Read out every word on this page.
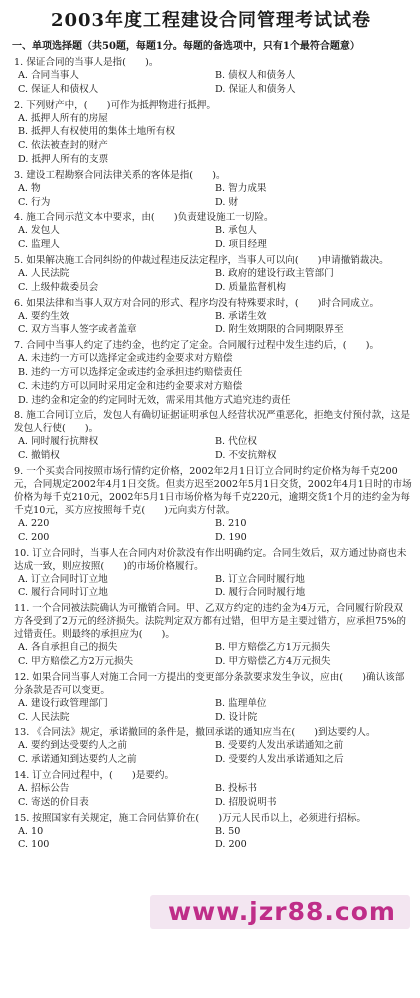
2003年度工程建设合同管理考试试卷
一、单项选择题（共50题，每题1分。每题的备选项中，只有1个最符合题意）
1. 保证合同的当事人是指(　　)。
A. 合同当事人	B. 债权人和债务人
C. 保证人和债权人	D. 保证人和债务人
2. 下列财产中，(　　)可作为抵押物进行抵押。
A. 抵押人所有的房屋
B. 抵押人有权使用的集体土地所有权
C. 依法被查封的财产
D. 抵押人所有的支票
3. 建设工程勘察合同法律关系的客体是指(　　)。
A. 物	B. 智力成果
C. 行为	D. 财
4. 施工合同示范文本中要求，由(　　)负责建设施工一切险。
A. 发包人	B. 承包人
C. 监理人	D. 项目经理
5. 如果解决施工合同纠纷的仲裁过程违反法定程序，当事人可以向(　　)申请撤销裁决。
A. 人民法院	B. 政府的建设行政主管部门
C. 上级仲裁委员会	D. 质量监督机构
6. 如果法律和当事人双方对合同的形式、程序均没有特殊要求时，(　　)时合同成立。
A. 要约生效	B. 承诺生效
C. 双方当事人签字或者盖章	D. 附生效期限的合同期限界至
7. 合同中当事人约定了违约金，也约定了定金。合同履行过程中发生违约后，(　　)。
A. 未违约一方可以选择定金或违约金要求对方赔偿
B. 违约一方可以选择定金或违约金承担违约赔偿责任
C. 未违约方可以同时采用定金和违约金要求对方赔偿
D. 违约金和定金的约定同时无效，需采用其他方式追究违约责任
8. 施工合同订立后，发包人有确切证据证明承包人经营状况严重恶化，拒绝支付预付款，这是发包人行使(　　)。
A. 同时履行抗辩权	B. 代位权
C. 撤销权	D. 不安抗辩权
9. 一个买卖合同按照市场行情约定价格，2002年2月1日订立合同时约定价格为每千克200元，合同规定2002年4月1日交货。但卖方迟至2002年5月1日交货，2002年4月1日时的市场价格为每千克210元，2002年5月1日市场价格为每千克220元，逾期交货1个月的违约金为每千克10元，买方应按照每千克(　　)元向卖方付款。
A. 220	B. 210
C. 200	D. 190
10. 订立合同时，当事人在合同内对价款没有作出明确约定。合同生效后，双方通过协商也未达成一致，则应按照(　　)的市场价格履行。
A. 订立合同时订立地	B. 订立合同时履行地
C. 履行合同时订立地	D. 履行合同时履行地
11. 一个合同被法院确认为可撤销合同。甲、乙双方约定的违约金为4万元，合同履行阶段双方各受到了2万元的经济损失。法院判定双方都有过错，但甲方是主要过错方，应承担75%的过错责任。则最终的承担应为(　　)。
A. 各自承担自己的损失	B. 甲方赔偿乙方1万元损失
C. 甲方赔偿乙方2万元损失	D. 甲方赔偿乙方4万元损失
12. 如果合同当事人对施工合同一方提出的变更部分条款要求发生争议，应由(　　)确认该部分条款是否可以变更。
A. 建设行政管理部门	B. 监理单位
C. 人民法院	D. 设计院
13. 《合同法》规定，承诺撤回的条件是，撤回承诺的通知应当在(　　)到达要约人。
A. 要约到达受要约人之前	B. 受要约人发出承诺通知之前
C. 承诺通知到达要约人之前	D. 受要约人发出承诺通知之后
14. 订立合同过程中，(　　)是要约。
A. 招标公告	B. 投标书
C. 寄送的价目表	D. 招股说明书
15. 按照国家有关规定，施工合同估算价在(　　)万元人民币以上，必须进行招标。
A. 10	B. 50
C. 100	D. 200
www.jzr88.com
